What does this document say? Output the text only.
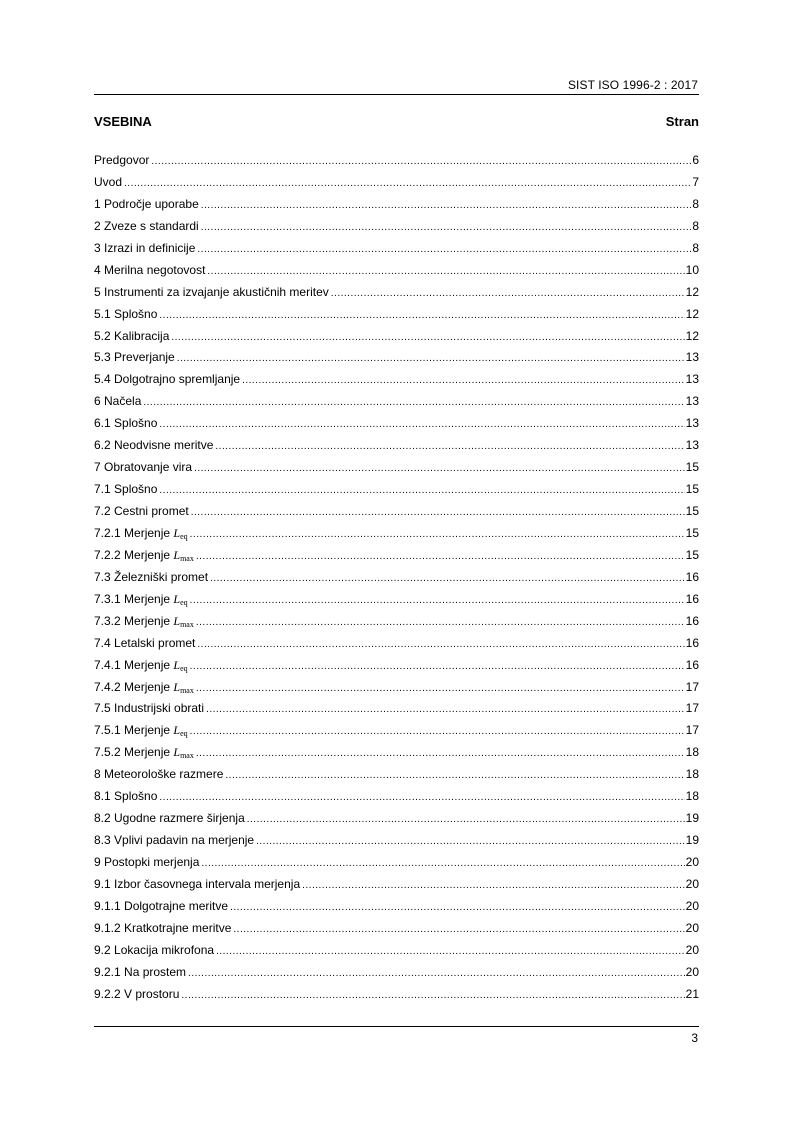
SIST ISO 1996-2 : 2017
VSEBINA	Stran
Predgovor .....	6
Uvod .....	7
1 Področje uporabe .....	8
2 Zveze s standardi .....	8
3 Izrazi in definicije .....	8
4 Merilna negotovost .....	10
5 Instrumenti za izvajanje akustičnih meritev .....	12
5.1 Splošno .....	12
5.2 Kalibracija .....	12
5.3 Preverjanje .....	13
5.4 Dolgotrajno spremljanje .....	13
6 Načela .....	13
6.1 Splošno .....	13
6.2 Neodvisne meritve .....	13
7 Obratovanje vira .....	15
7.1 Splošno .....	15
7.2 Cestni promet .....	15
7.2.1 Merjenje $L_{eq}$ .....	15
7.2.2 Merjenje $L_{max}$ .....	15
7.3 Železniški promet .....	16
7.3.1 Merjenje $L_{eq}$ .....	16
7.3.2 Merjenje $L_{max}$ .....	16
7.4 Letalski promet .....	16
7.4.1 Merjenje $L_{eq}$ .....	16
7.4.2 Merjenje $L_{max}$ .....	17
7.5 Industrijski obrati .....	17
7.5.1 Merjenje $L_{eq}$ .....	17
7.5.2 Merjenje $L_{max}$ .....	18
8 Meteorološke razmere .....	18
8.1 Splošno .....	18
8.2 Ugodne razmere širjenja .....	19
8.3 Vplivi padavin na merjenje .....	19
9 Postopki merjenja .....	20
9.1 Izbor časovnega intervala merjenja .....	20
9.1.1 Dolgotrajne meritve .....	20
9.1.2 Kratkotrajne meritve .....	20
9.2 Lokacija mikrofona .....	20
9.2.1 Na prostem .....	20
9.2.2 V prostoru .....	21
3
